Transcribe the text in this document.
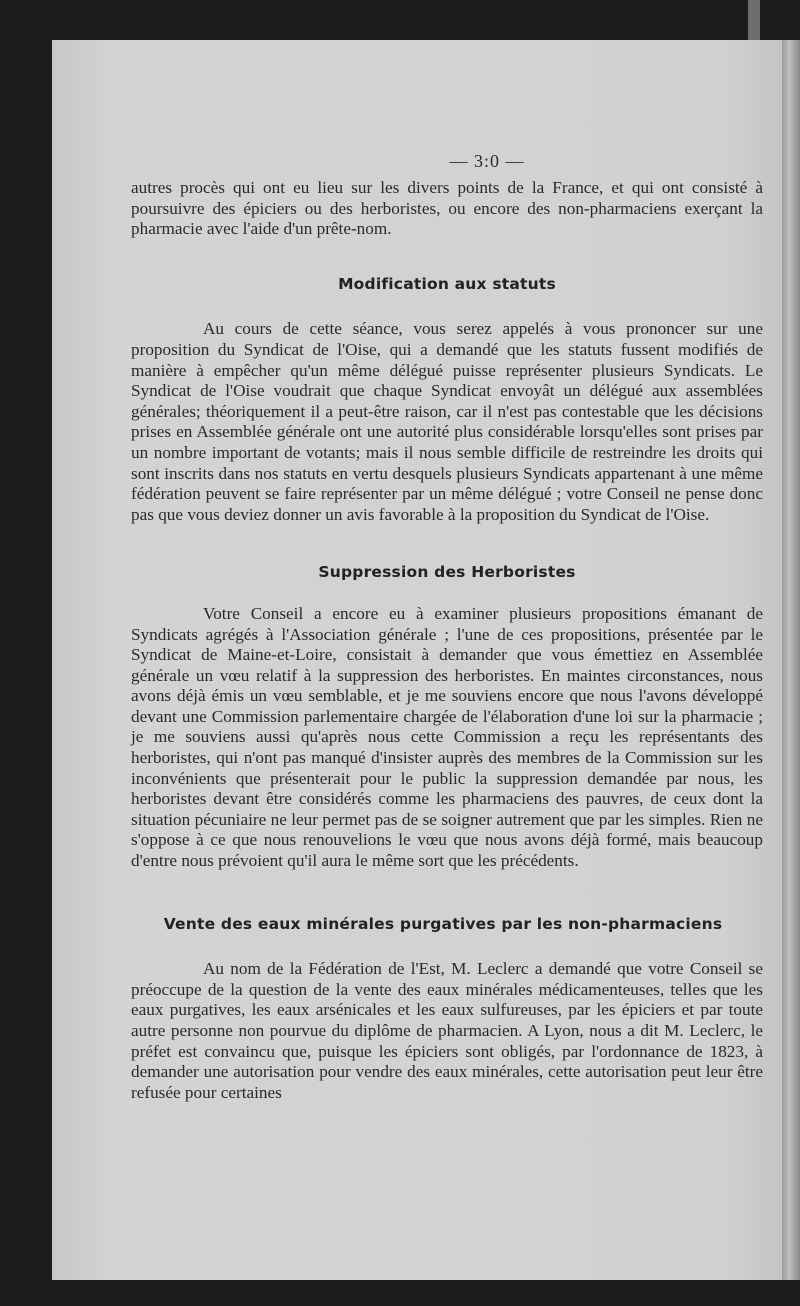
— 3:0 —

autres procès qui ont eu lieu sur les divers points de la France, et qui ont consisté à poursuivre des épiciers ou des herboristes, ou encore des non-pharmaciens exerçant la pharmacie avec l'aide d'un prête-nom.

Modification aux statuts

Au cours de cette séance, vous serez appelés à vous prononcer sur une proposition du Syndicat de l'Oise, qui a demandé que les statuts fussent modifiés de manière à empêcher qu'un même délégué puisse représenter plusieurs Syndicats. Le Syndicat de l'Oise voudrait que chaque Syndicat envoyât un délégué aux assemblées générales; théoriquement il a peut-être raison, car il n'est pas contestable que les décisions prises en Assemblée générale ont une autorité plus considérable lorsqu'elles sont prises par un nombre important de votants; mais il nous semble difficile de restreindre les droits qui sont inscrits dans nos statuts en vertu desquels plusieurs Syndicats appartenant à une même fédération peuvent se faire représenter par un même délégué ; votre Conseil ne pense donc pas que vous deviez donner un avis favorable à la proposition du Syndicat de l'Oise.

Suppression des Herboristes

Votre Conseil a encore eu à examiner plusieurs propositions émanant de Syndicats agrégés à l'Association générale ; l'une de ces propositions, présentée par le Syndicat de Maine-et-Loire, consistait à demander que vous émettiez en Assemblée générale un vœu relatif à la suppression des herboristes. En maintes circonstances, nous avons déjà émis un vœu semblable, et je me souviens encore que nous l'avons développé devant une Commission parlementaire chargée de l'élaboration d'une loi sur la pharmacie ; je me souviens aussi qu'après nous cette Commission a reçu les représentants des herboristes, qui n'ont pas manqué d'insister auprès des membres de la Commission sur les inconvénients que présenterait pour le public la suppression demandée par nous, les herboristes devant être considérés comme les pharmaciens des pauvres, de ceux dont la situation pécuniaire ne leur permet pas de se soigner autrement que par les simples. Rien ne s'oppose à ce que nous renouvelions le vœu que nous avons déjà formé, mais beaucoup d'entre nous prévoient qu'il aura le même sort que les précédents.

Vente des eaux minérales purgatives par les non-pharmaciens

Au nom de la Fédération de l'Est, M. Leclerc a demandé que votre Conseil se préoccupe de la question de la vente des eaux minérales médicamenteuses, telles que les eaux purgatives, les eaux arsénicales et les eaux sulfureuses, par les épiciers et par toute autre personne non pourvue du diplôme de pharmacien. A Lyon, nous a dit M. Leclerc, le préfet est convaincu que, puisque les épiciers sont obligés, par l'ordonnance de 1823, à demander une autorisation pour vendre des eaux minérales, cette autorisation peut leur être refusée pour certaines
